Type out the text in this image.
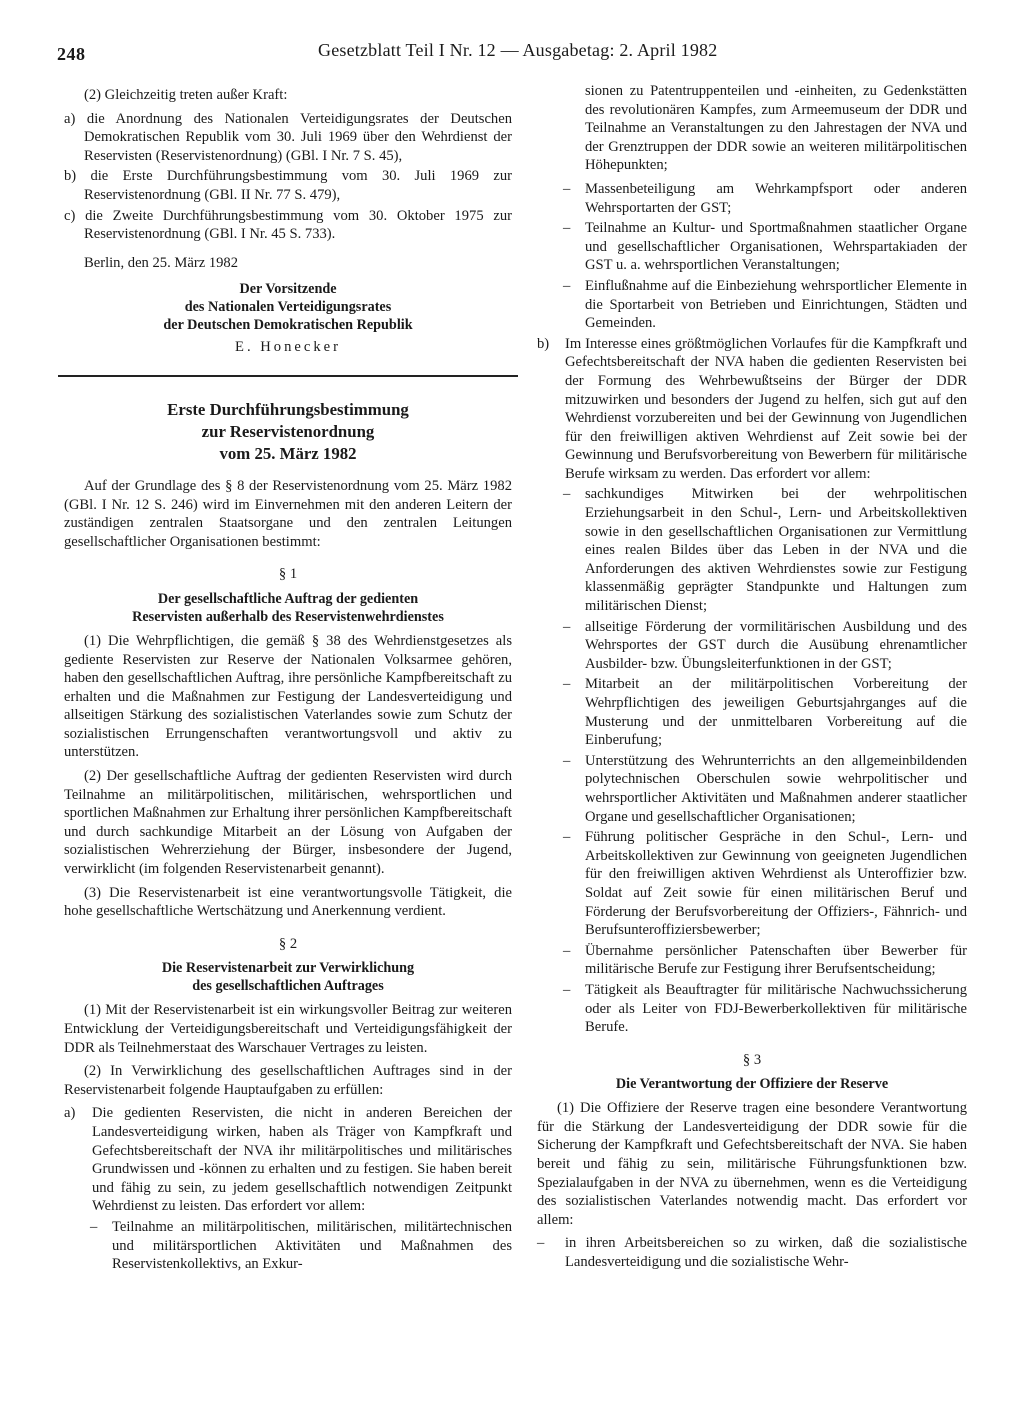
248	Gesetzblatt Teil I Nr. 12 — Ausgabetag: 2. April 1982

(2) Gleichzeitig treten außer Kraft:

a) die Anordnung des Nationalen Verteidigungsrates der Deutschen Demokratischen Republik vom 30. Juli 1969 über den Wehrdienst der Reservisten (Reservistenordnung) (GBl. I Nr. 7 S. 45),

b) die Erste Durchführungsbestimmung vom 30. Juli 1969 zur Reservistenordnung (GBl. II Nr. 77 S. 479),

c) die Zweite Durchführungsbestimmung vom 30. Oktober 1975 zur Reservistenordnung (GBl. I Nr. 45 S. 733).

Berlin, den 25. März 1982

Der Vorsitzende
des Nationalen Verteidigungsrates
der Deutschen Demokratischen Republik
E. Honecker
Erste Durchführungsbestimmung
zur Reservistenordnung
vom 25. März 1982

Auf der Grundlage des § 8 der Reservistenordnung vom 25. März 1982 (GBl. I Nr. 12 S. 246) wird im Einvernehmen mit den anderen Leitern der zuständigen zentralen Staatsorgane und den zentralen Leitungen gesellschaftlicher Organisationen bestimmt:

§ 1
Der gesellschaftliche Auftrag der gedienten
Reservisten außerhalb des Reservistenwehrdienstes

(1) Die Wehrpflichtigen, die gemäß § 38 des Wehrdienstgesetzes als gediente Reservisten zur Reserve der Nationalen Volksarmee gehören, haben den gesellschaftlichen Auftrag, ihre persönliche Kampfbereitschaft zu erhalten und die Maßnahmen zur Festigung der Landesverteidigung und allseitigen Stärkung des sozialistischen Vaterlandes sowie zum Schutz der sozialistischen Errungenschaften verantwortungsvoll und aktiv zu unterstützen.

(2) Der gesellschaftliche Auftrag der gedienten Reservisten wird durch Teilnahme an militärpolitischen, militärischen, wehrsportlichen und sportlichen Maßnahmen zur Erhaltung ihrer persönlichen Kampfbereitschaft und durch sachkundige Mitarbeit an der Lösung von Aufgaben der sozialistischen Wehrerziehung der Bürger, insbesondere der Jugend, verwirklicht (im folgenden Reservistenarbeit genannt).

(3) Die Reservistenarbeit ist eine verantwortungsvolle Tätigkeit, die hohe gesellschaftliche Wertschätzung und Anerkennung verdient.

§ 2
Die Reservistenarbeit zur Verwirklichung
des gesellschaftlichen Auftrages

(1) Mit der Reservistenarbeit ist ein wirkungsvoller Beitrag zur weiteren Entwicklung der Verteidigungsbereitschaft und Verteidigungsfähigkeit der DDR als Teilnehmerstaat des Warschauer Vertrages zu leisten.

(2) In Verwirklichung des gesellschaftlichen Auftrages sind in der Reservistenarbeit folgende Hauptaufgaben zu erfüllen:

a) Die gedienten Reservisten, die nicht in anderen Bereichen der Landesverteidigung wirken, haben als Träger von Kampfkraft und Gefechtsbereitschaft der NVA ihr militärpolitisches und militärisches Grundwissen und -können zu erhalten und zu festigen. Sie haben bereit und fähig zu sein, zu jedem gesellschaftlich notwendigen Zeitpunkt Wehrdienst zu leisten. Das erfordert vor allem:
– Teilnahme an militärpolitischen, militärischen, militärtechnischen und militärsportlichen Aktivitäten und Maßnahmen des Reservistenkollektivs, an Exkur-

sionen zu Patentruppenteilen und -einheiten, zu Gedenkstätten des revolutionären Kampfes, zum Armeemuseum der DDR und Teilnahme an Veranstaltungen zu den Jahrestagen der NVA und der Grenztruppen der DDR sowie an weiteren militärpolitischen Höhepunkten;

– Massenbeteiligung am Wehrkampfsport oder anderen Wehrsportarten der GST;
– Teilnahme an Kultur- und Sportmaßnahmen staatlicher Organe und gesellschaftlicher Organisationen, Wehrspartakiaden der GST u. a. wehrsportlichen Veranstaltungen;
– Einflußnahme auf die Einbeziehung wehrsportlicher Elemente in die Sportarbeit von Betrieben und Einrichtungen, Städten und Gemeinden.
b) Im Interesse eines größtmöglichen Vorlaufes für die Kampfkraft und Gefechtsbereitschaft der NVA haben die gedienten Reservisten bei der Formung des Wehrbewußtseins der Bürger der DDR mitzuwirken und besonders der Jugend zu helfen, sich gut auf den Wehrdienst vorzubereiten und bei der Gewinnung von Jugendlichen für den freiwilligen aktiven Wehrdienst auf Zeit sowie bei der Gewinnung und Berufsvorbereitung von Bewerbern für militärische Berufe wirksam zu werden. Das erfordert vor allem:
– sachkundiges Mitwirken bei der wehrpolitischen Erziehungsarbeit in den Schul-, Lern- und Arbeitskollektiven sowie in den gesellschaftlichen Organisationen zur Vermittlung eines realen Bildes über das Leben in der NVA und die Anforderungen des aktiven Wehrdienstes sowie zur Festigung klassenmäßig geprägter Standpunkte und Haltungen zum militärischen Dienst;
– allseitige Förderung der vormilitärischen Ausbildung und des Wehrsportes der GST durch die Ausübung ehrenamtlicher Ausbilder- bzw. Übungsleiterfunktionen in der GST;
– Mitarbeit an der militärpolitischen Vorbereitung der Wehrpflichtigen des jeweiligen Geburtsjahrganges auf die Musterung und der unmittelbaren Vorbereitung auf die Einberufung;
– Unterstützung des Wehrunterrichts an den allgemeinbildenden polytechnischen Oberschulen sowie wehrpolitischer und wehrsportlicher Aktivitäten und Maßnahmen anderer staatlicher Organe und gesellschaftlicher Organisationen;
– Führung politischer Gespräche in den Schul-, Lern- und Arbeitskollektiven zur Gewinnung von geeigneten Jugendlichen für den freiwilligen aktiven Wehrdienst als Unteroffizier bzw. Soldat auf Zeit sowie für einen militärischen Beruf und Förderung der Berufsvorbereitung der Offiziers-, Fähnrich- und Berufsunteroffiziersbewerber;
– Übernahme persönlicher Patenschaften über Bewerber für militärische Berufe zur Festigung ihrer Berufsentscheidung;
– Tätigkeit als Beauftragter für militärische Nachwuchssicherung oder als Leiter von FDJ-Bewerberkollektiven für militärische Berufe.
§ 3
Die Verantwortung der Offiziere der Reserve

(1) Die Offiziere der Reserve tragen eine besondere Verantwortung für die Stärkung der Landesverteidigung der DDR sowie für die Sicherung der Kampfkraft und Gefechtsbereitschaft der NVA. Sie haben bereit und fähig zu sein, militärische Führungsfunktionen bzw. Spezialaufgaben in der NVA zu übernehmen, wenn es die Verteidigung des sozialistischen Vaterlandes notwendig macht. Das erfordert vor allem:

– in ihren Arbeitsbereichen so zu wirken, daß die sozialistische Landesverteidigung und die sozialistische Wehr-
